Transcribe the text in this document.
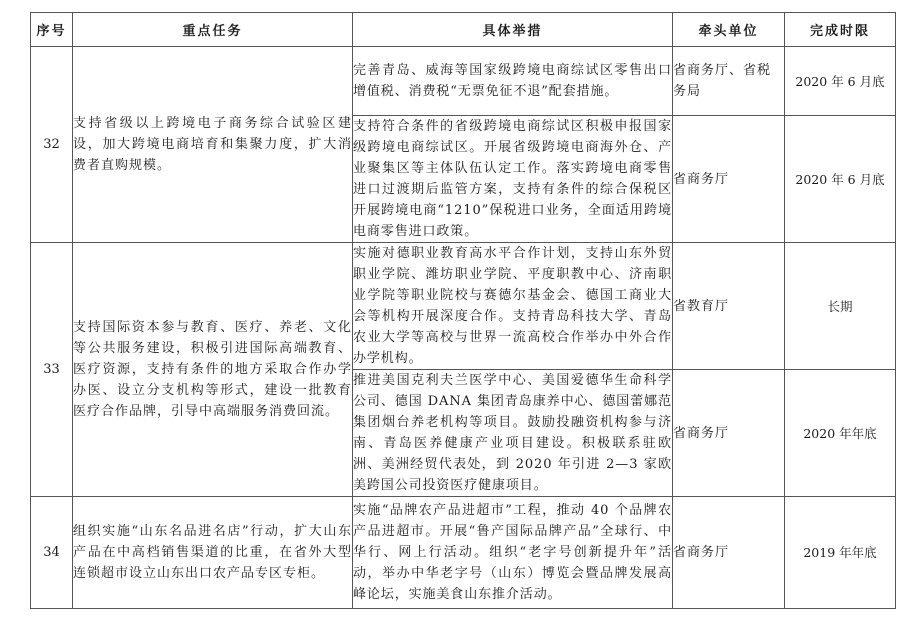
序号	重点任务	具体举措	牵头单位	完成时限
32	支持省级以上跨境电子商务综合试验区建设，加大跨境电商培育和集聚力度，扩大消费者直购规模。	完善青岛、威海等国家级跨境电商综试区零售出口增值税、消费税“无票免征不退”配套措施。	省商务厅、省税务局	2020 年 6 月底
		支持符合条件的省级跨境电商综试区积极申报国家级跨境电商综试区。开展省级跨境电商海外仓、产业聚集区等主体队伍认定工作。落实跨境电商零售进口过渡期后监管方案，支持有条件的综合保税区开展跨境电商“1210”保税进口业务，全面适用跨境电商零售进口政策。	省商务厅	2020 年 6 月底
33	支持国际资本参与教育、医疗、养老、文化等公共服务建设，积极引进国际高端教育、医疗资源，支持有条件的地方采取合作办学办医、设立分支机构等形式，建设一批教育医疗合作品牌，引导中高端服务消费回流。	实施对德职业教育高水平合作计划，支持山东外贸职业学院、潍坊职业学院、平度职教中心、济南职业学院等职业院校与赛德尔基金会、德国工商业大会等机构开展深度合作。支持青岛科技大学、青岛农业大学等高校与世界一流高校合作举办中外合作办学机构。	省教育厅	长期
		推进美国克利夫兰医学中心、美国爱德华生命科学公司、德国 DANA 集团青岛康养中心、德国蕾娜范集团烟台养老机构等项目。鼓励投融资机构参与济南、青岛医养健康产业项目建设。积极联系驻欧洲、美洲经贸代表处，到 2020 年引进 2—3 家欧美跨国公司投资医疗健康项目。	省商务厅	2020 年年底
34	组织实施“山东名品进名店”行动，扩大山东产品在中高档销售渠道的比重，在省外大型连锁超市设立山东出口农产品专区专柜。	实施“品牌农产品进超市”工程，推动 40 个品牌农产品进超市。开展“鲁产国际品牌产品”全球行、中华行、网上行活动。组织“老字号创新提升年”活动，举办中华老字号（山东）博览会暨品牌发展高峰论坛，实施美食山东推介活动。	省商务厅	2019 年年底
